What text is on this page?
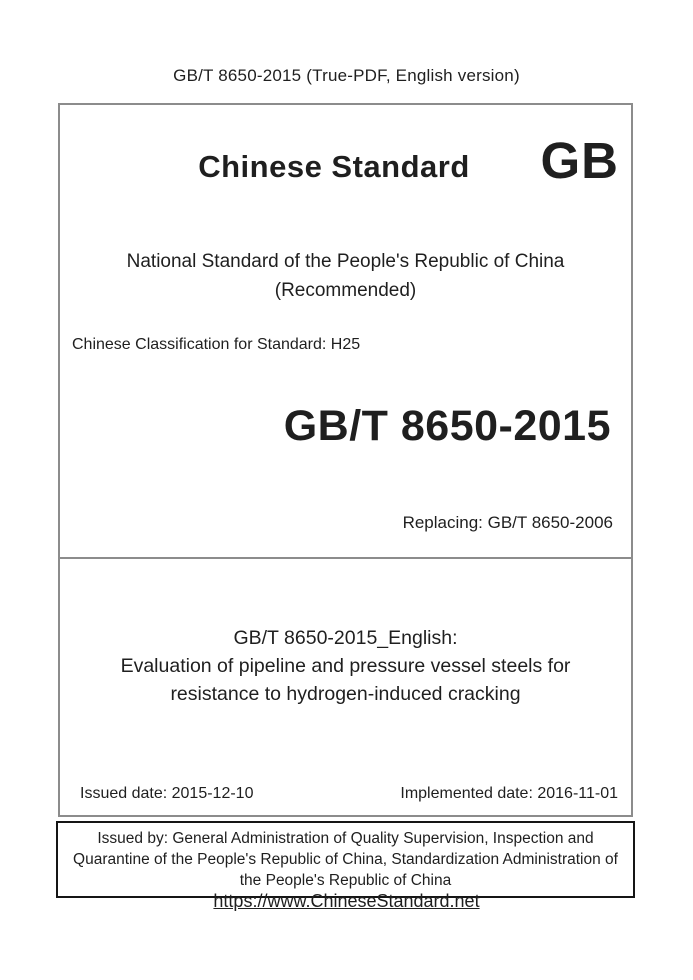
GB/T 8650-2015 (True-PDF, English version)
Chinese Standard	GB
National Standard of the People's Republic of China
(Recommended)
Chinese Classification for Standard: H25
GB/T 8650-2015
Replacing: GB/T 8650-2006
GB/T 8650-2015_English:
Evaluation of pipeline and pressure vessel steels for
resistance to hydrogen-induced cracking
Issued date: 2015-12-10	Implemented date: 2016-11-01
Issued by: General Administration of Quality Supervision, Inspection and Quarantine of the People's Republic of China, Standardization Administration of the People's Republic of China
https://www.ChineseStandard.net
